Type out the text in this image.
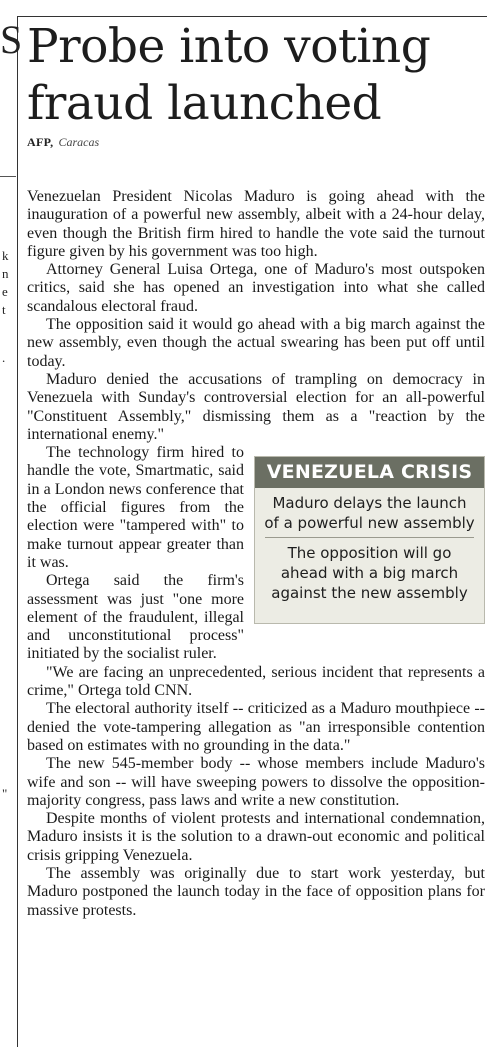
S
k
n
e
t
.
"
Probe into voting fraud launched
AFP, Caracas

Venezuelan President Nicolas Maduro is going ahead with the inauguration of a powerful new assembly, albeit with a 24-hour delay, even though the British firm hired to handle the vote said the turnout figure given by his government was too high.

Attorney General Luisa Ortega, one of Maduro's most outspoken critics, said she has opened an investigation into what she called scandalous electoral fraud.

The opposition said it would go ahead with a big march against the new assembly, even though the actual swearing has been put off until today.

Maduro denied the accusations of trampling on democracy in Venezuela with Sunday's controversial election for an all-powerful "Constituent Assembly," dismissing them as a "reaction by the international enemy."

VENEZUELA CRISIS
Maduro delays the launch of a powerful new assembly
The opposition will go ahead with a big march against the new assembly

The technology firm hired to handle the vote, Smartmatic, said in a London news conference that the official figures from the election were "tampered with" to make turnout appear greater than it was.

Ortega said the firm's assessment was just "one more element of the fraudulent, illegal and unconstitutional process" initiated by the socialist ruler.

"We are facing an unprecedented, serious incident that represents a crime," Ortega told CNN.

The electoral authority itself -- criticized as a Maduro mouthpiece -- denied the vote-tampering allegation as "an irresponsible contention based on estimates with no grounding in the data."

The new 545-member body -- whose members include Maduro's wife and son -- will have sweeping powers to dissolve the opposition-majority congress, pass laws and write a new constitution.

Despite months of violent protests and international condemnation, Maduro insists it is the solution to a drawn-out economic and political crisis gripping Venezuela.

The assembly was originally due to start work yesterday, but Maduro postponed the launch today in the face of opposition plans for massive protests.
